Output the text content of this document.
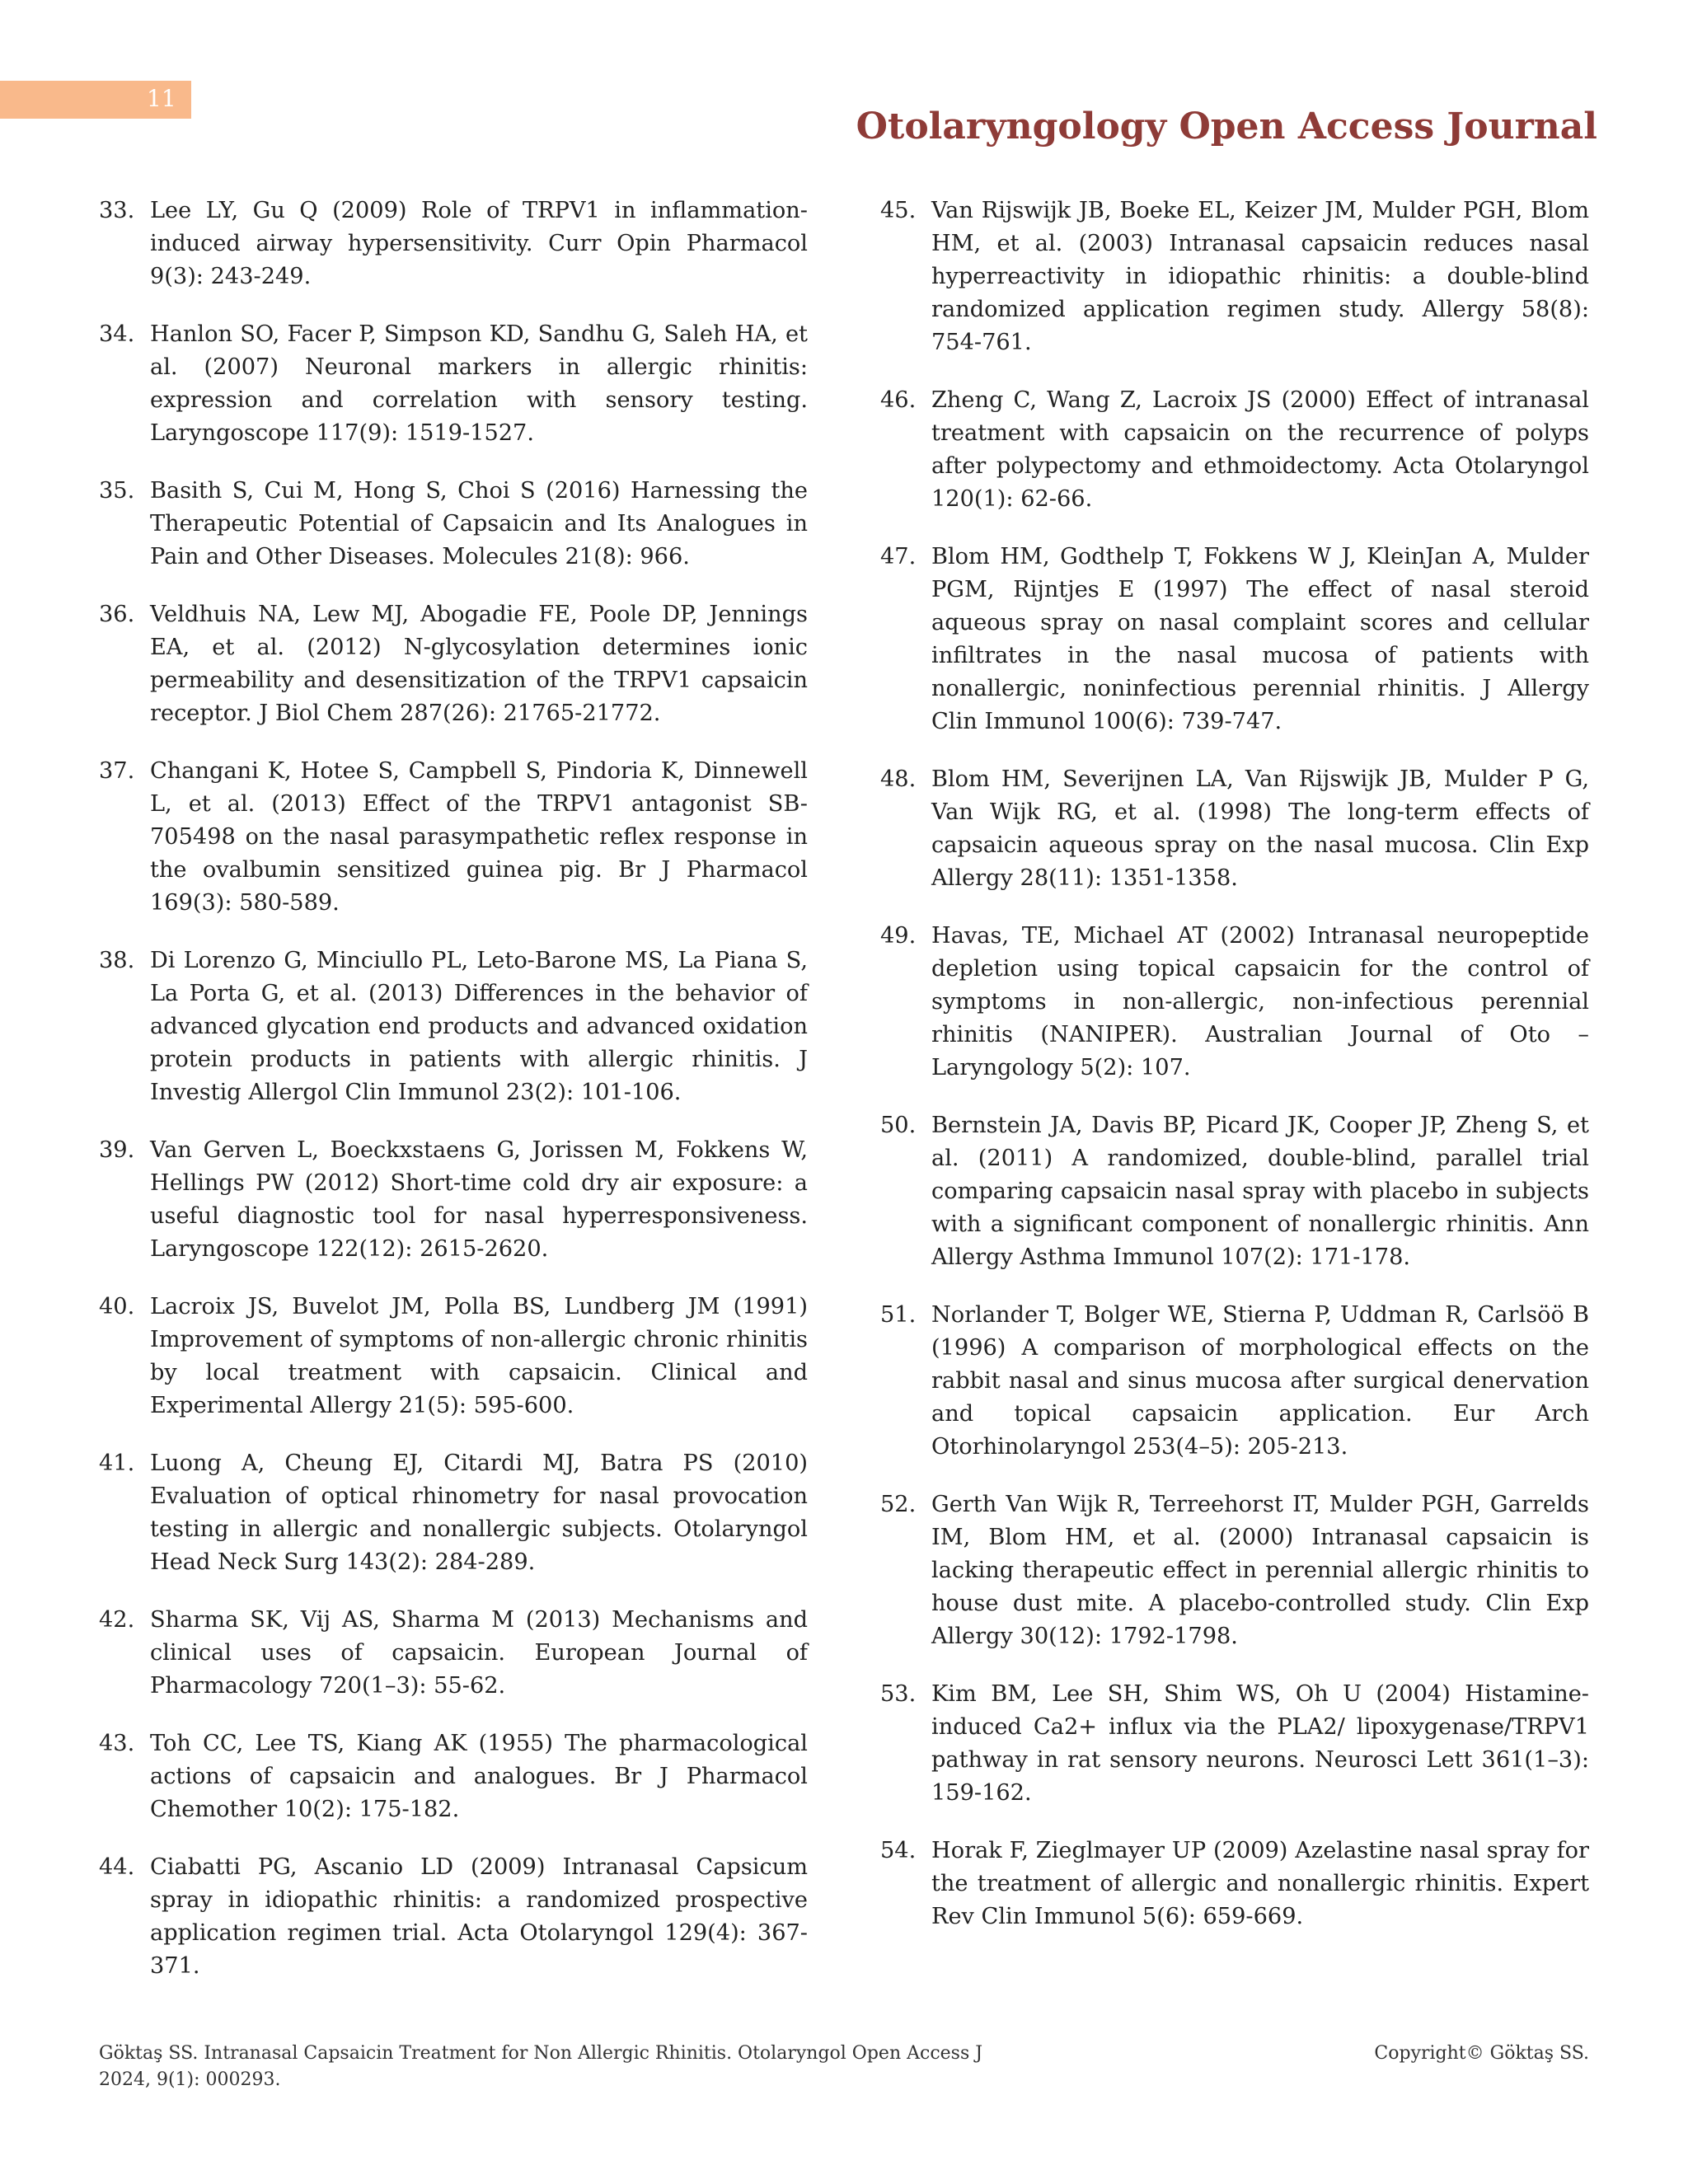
11
Otolaryngology Open Access Journal
33. Lee LY, Gu Q (2009) Role of TRPV1 in inflammation-induced airway hypersensitivity. Curr Opin Pharmacol 9(3): 243-249.
34. Hanlon SO, Facer P, Simpson KD, Sandhu G, Saleh HA, et al. (2007) Neuronal markers in allergic rhinitis: expression and correlation with sensory testing. Laryngoscope 117(9): 1519-1527.
35. Basith S, Cui M, Hong S, Choi S (2016) Harnessing the Therapeutic Potential of Capsaicin and Its Analogues in Pain and Other Diseases. Molecules 21(8): 966.
36. Veldhuis NA, Lew MJ, Abogadie FE, Poole DP, Jennings EA, et al. (2012) N-glycosylation determines ionic permeability and desensitization of the TRPV1 capsaicin receptor. J Biol Chem 287(26): 21765-21772.
37. Changani K, Hotee S, Campbell S, Pindoria K, Dinnewell L, et al. (2013) Effect of the TRPV1 antagonist SB-705498 on the nasal parasympathetic reflex response in the ovalbumin sensitized guinea pig. Br J Pharmacol 169(3): 580-589.
38. Di Lorenzo G, Minciullo PL, Leto-Barone MS, La Piana S, La Porta G, et al. (2013) Differences in the behavior of advanced glycation end products and advanced oxidation protein products in patients with allergic rhinitis. J Investig Allergol Clin Immunol 23(2): 101-106.
39. Van Gerven L, Boeckxstaens G, Jorissen M, Fokkens W, Hellings PW (2012) Short-time cold dry air exposure: a useful diagnostic tool for nasal hyperresponsiveness. Laryngoscope 122(12): 2615-2620.
40. Lacroix JS, Buvelot JM, Polla BS, Lundberg JM (1991) Improvement of symptoms of non-allergic chronic rhinitis by local treatment with capsaicin. Clinical and Experimental Allergy 21(5): 595-600.
41. Luong A, Cheung EJ, Citardi MJ, Batra PS (2010) Evaluation of optical rhinometry for nasal provocation testing in allergic and nonallergic subjects. Otolaryngol Head Neck Surg 143(2): 284-289.
42. Sharma SK, Vij AS, Sharma M (2013) Mechanisms and clinical uses of capsaicin. European Journal of Pharmacology 720(1–3): 55-62.
43. Toh CC, Lee TS, Kiang AK (1955) The pharmacological actions of capsaicin and analogues. Br J Pharmacol Chemother 10(2): 175-182.
44. Ciabatti PG, Ascanio LD (2009) Intranasal Capsicum spray in idiopathic rhinitis: a randomized prospective application regimen trial. Acta Otolaryngol 129(4): 367-371.
45. Van Rijswijk JB, Boeke EL, Keizer JM, Mulder PGH, Blom HM, et al. (2003) Intranasal capsaicin reduces nasal hyperreactivity in idiopathic rhinitis: a double-blind randomized application regimen study. Allergy 58(8): 754-761.
46. Zheng C, Wang Z, Lacroix JS (2000) Effect of intranasal treatment with capsaicin on the recurrence of polyps after polypectomy and ethmoidectomy. Acta Otolaryngol 120(1): 62-66.
47. Blom HM, Godthelp T, Fokkens W J, KleinJan A, Mulder PGM, Rijntjes E (1997) The effect of nasal steroid aqueous spray on nasal complaint scores and cellular infiltrates in the nasal mucosa of patients with nonallergic, noninfectious perennial rhinitis. J Allergy Clin Immunol 100(6): 739-747.
48. Blom HM, Severijnen LA, Van Rijswijk JB, Mulder P G, Van Wijk RG, et al. (1998) The long-term effects of capsaicin aqueous spray on the nasal mucosa. Clin Exp Allergy 28(11): 1351-1358.
49. Havas, TE, Michael AT (2002) Intranasal neuropeptide depletion using topical capsaicin for the control of symptoms in non-allergic, non-infectious perennial rhinitis (NANIPER). Australian Journal of Oto – Laryngology 5(2): 107.
50. Bernstein JA, Davis BP, Picard JK, Cooper JP, Zheng S, et al. (2011) A randomized, double-blind, parallel trial comparing capsaicin nasal spray with placebo in subjects with a significant component of nonallergic rhinitis. Ann Allergy Asthma Immunol 107(2): 171-178.
51. Norlander T, Bolger WE, Stierna P, Uddman R, Carlsöö B (1996) A comparison of morphological effects on the rabbit nasal and sinus mucosa after surgical denervation and topical capsaicin application. Eur Arch Otorhinolaryngol 253(4–5): 205-213.
52. Gerth Van Wijk R, Terreehorst IT, Mulder PGH, Garrelds IM, Blom HM, et al. (2000) Intranasal capsaicin is lacking therapeutic effect in perennial allergic rhinitis to house dust mite. A placebo-controlled study. Clin Exp Allergy 30(12): 1792-1798.
53. Kim BM, Lee SH, Shim WS, Oh U (2004) Histamine-induced Ca2+ influx via the PLA2/ lipoxygenase/TRPV1 pathway in rat sensory neurons. Neurosci Lett 361(1–3): 159-162.
54. Horak F, Zieglmayer UP (2009) Azelastine nasal spray for the treatment of allergic and nonallergic rhinitis. Expert Rev Clin Immunol 5(6): 659-669.
Göktaş SS. Intranasal Capsaicin Treatment for Non Allergic Rhinitis. Otolaryngol Open Access J 2024, 9(1): 000293.
Copyright© Göktaş SS.
